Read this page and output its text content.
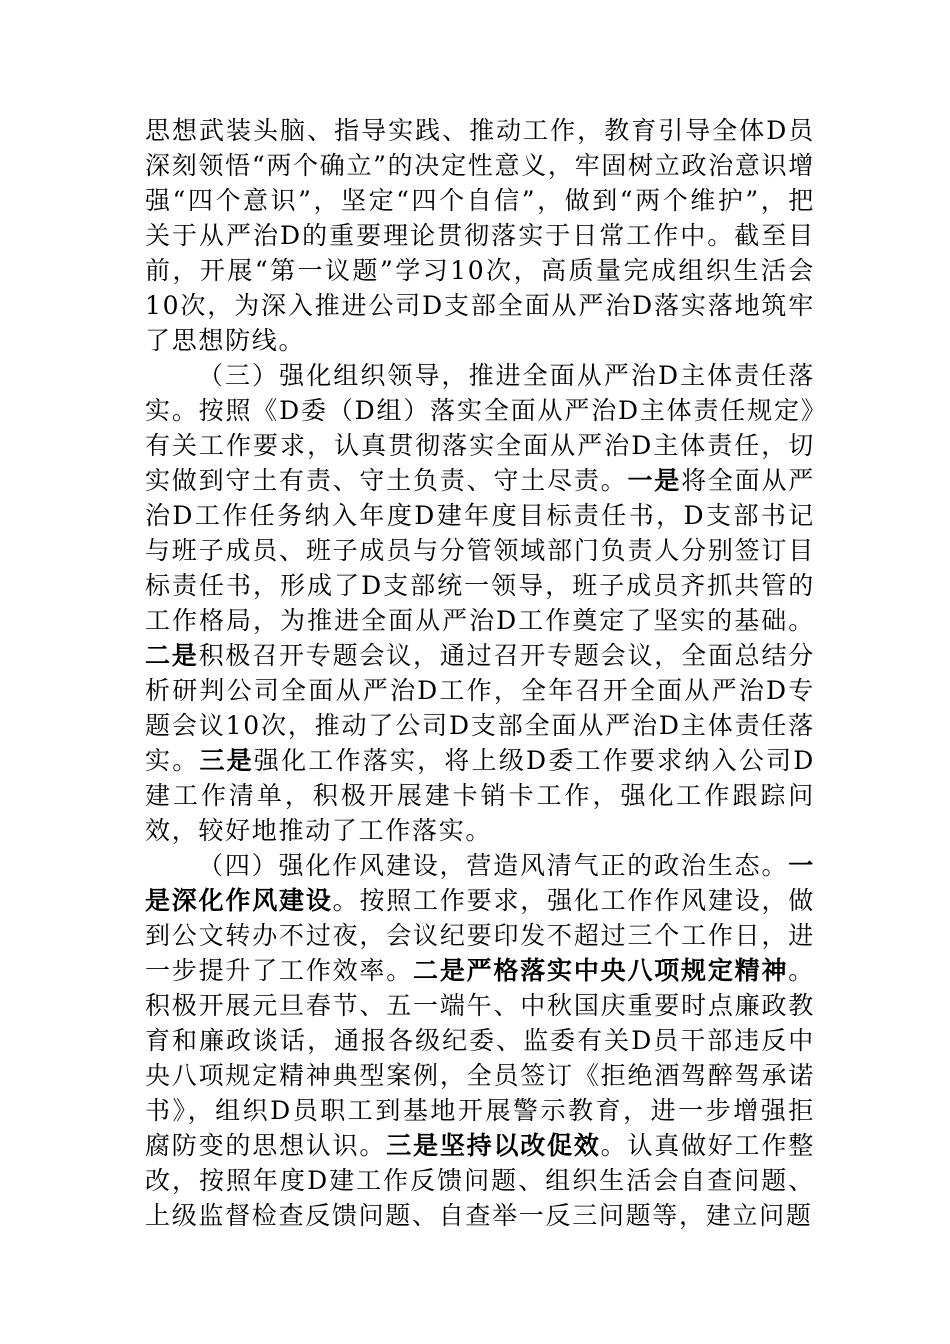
思想武装头脑、指导实践、推动工作，教育引导全体D员深刻领悟“两个确立”的决定性意义，牢固树立政治意识增强“四个意识”，坚定“四个自信”，做到“两个维护”，把关于从严治D的重要理论贯彻落实于日常工作中。截至目前，开展“第一议题”学习10次，高质量完成组织生活会10次，为深入推进公司D支部全面从严治D落实落地筑牢了思想防线。

（三）强化组织领导，推进全面从严治D主体责任落实。按照《D委（D组）落实全面从严治D主体责任规定》有关工作要求，认真贯彻落实全面从严治D主体责任，切实做到守土有责、守土负责、守土尽责。一是将全面从严治D工作任务纳入年度D建年度目标责任书，D支部书记与班子成员、班子成员与分管领域部门负责人分别签订目标责任书，形成了D支部统一领导，班子成员齐抓共管的工作格局，为推进全面从严治D工作奠定了坚实的基础。二是积极召开专题会议，通过召开专题会议，全面总结分析研判公司全面从严治D工作，全年召开全面从严治D专题会议10次，推动了公司D支部全面从严治D主体责任落实。三是强化工作落实，将上级D委工作要求纳入公司D建工作清单，积极开展建卡销卡工作，强化工作跟踪问效，较好地推动了工作落实。

（四）强化作风建设，营造风清气正的政治生态。一是深化作风建设。按照工作要求，强化工作作风建设，做到公文转办不过夜，会议纪要印发不超过三个工作日，进一步提升了工作效率。二是严格落实中央八项规定精神。积极开展元旦春节、五一端午、中秋国庆重要时点廉政教育和廉政谈话，通报各级纪委、监委有关D员干部违反中央八项规定精神典型案例，全员签订《拒绝酒驾醉驾承诺书》，组织D员职工到基地开展警示教育，进一步增强拒腐防变的思想认识。三是坚持以改促效。认真做好工作整改，按照年度D建工作反馈问题、组织生活会自查问题、上级监督检查反馈问题、自查举一反三问题等，建立问题
